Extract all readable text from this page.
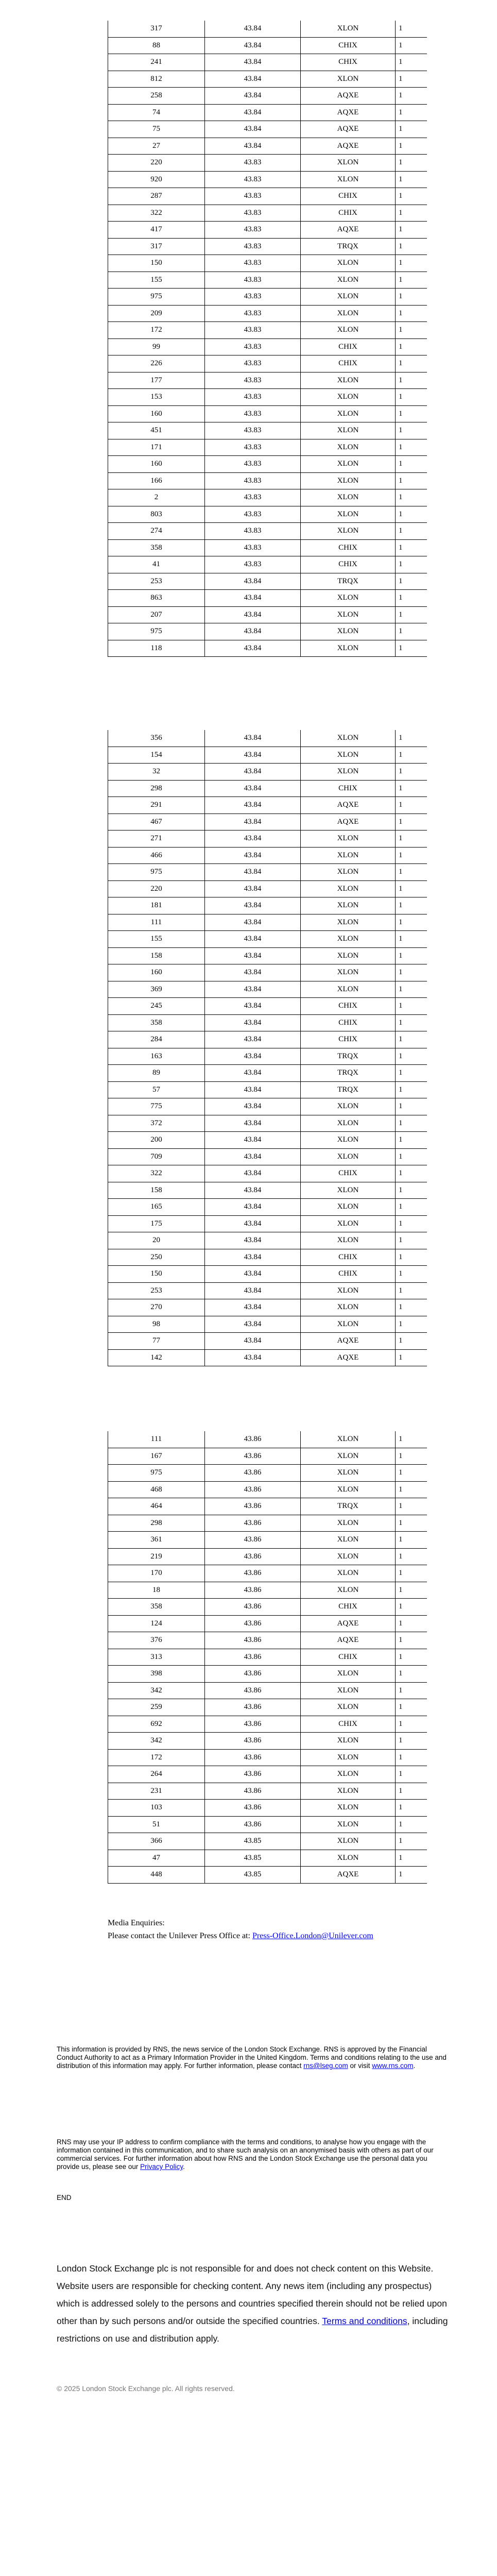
317	43.84	XLON	1
88	43.84	CHIX	1
241	43.84	CHIX	1
812	43.84	XLON	1
258	43.84	AQXE	1
74	43.84	AQXE	1
75	43.84	AQXE	1
27	43.84	AQXE	1
220	43.83	XLON	1
920	43.83	XLON	1
287	43.83	CHIX	1
322	43.83	CHIX	1
417	43.83	AQXE	1
317	43.83	TRQX	1
150	43.83	XLON	1
155	43.83	XLON	1
975	43.83	XLON	1
209	43.83	XLON	1
172	43.83	XLON	1
99	43.83	CHIX	1
226	43.83	CHIX	1
177	43.83	XLON	1
153	43.83	XLON	1
160	43.83	XLON	1
451	43.83	XLON	1
171	43.83	XLON	1
160	43.83	XLON	1
166	43.83	XLON	1
2	43.83	XLON	1
803	43.83	XLON	1
274	43.83	XLON	1
358	43.83	CHIX	1
41	43.83	CHIX	1
253	43.84	TRQX	1
863	43.84	XLON	1
207	43.84	XLON	1
975	43.84	XLON	1
118	43.84	XLON	1
356	43.84	XLON	1
154	43.84	XLON	1
32	43.84	XLON	1
298	43.84	CHIX	1
291	43.84	AQXE	1
467	43.84	AQXE	1
271	43.84	XLON	1
466	43.84	XLON	1
975	43.84	XLON	1
220	43.84	XLON	1
181	43.84	XLON	1
111	43.84	XLON	1
155	43.84	XLON	1
158	43.84	XLON	1
160	43.84	XLON	1
369	43.84	XLON	1
245	43.84	CHIX	1
358	43.84	CHIX	1
284	43.84	CHIX	1
163	43.84	TRQX	1
89	43.84	TRQX	1
57	43.84	TRQX	1
775	43.84	XLON	1
372	43.84	XLON	1
200	43.84	XLON	1
709	43.84	XLON	1
322	43.84	CHIX	1
158	43.84	XLON	1
165	43.84	XLON	1
175	43.84	XLON	1
20	43.84	XLON	1
250	43.84	CHIX	1
150	43.84	CHIX	1
253	43.84	XLON	1
270	43.84	XLON	1
98	43.84	XLON	1
77	43.84	AQXE	1
142	43.84	AQXE	1
111	43.86	XLON	1
167	43.86	XLON	1
975	43.86	XLON	1
468	43.86	XLON	1
464	43.86	TRQX	1
298	43.86	XLON	1
361	43.86	XLON	1
219	43.86	XLON	1
170	43.86	XLON	1
18	43.86	XLON	1
358	43.86	CHIX	1
124	43.86	AQXE	1
376	43.86	AQXE	1
313	43.86	CHIX	1
398	43.86	XLON	1
342	43.86	XLON	1
259	43.86	XLON	1
692	43.86	CHIX	1
342	43.86	XLON	1
172	43.86	XLON	1
264	43.86	XLON	1
231	43.86	XLON	1
103	43.86	XLON	1
51	43.86	XLON	1
366	43.85	XLON	1
47	43.85	XLON	1
448	43.85	AQXE	1
Media Enquiries:
Please contact the Unilever Press Office at: Press-Office.London@Unilever.com
This information is provided by RNS, the news service of the London Stock Exchange. RNS is approved by the Financial Conduct Authority to act as a Primary Information Provider in the United Kingdom. Terms and conditions relating to the use and distribution of this information may apply. For further information, please contact rns@lseg.com or visit www.rns.com.
RNS may use your IP address to confirm compliance with the terms and conditions, to analyse how you engage with the information contained in this communication, and to share such analysis on an anonymised basis with others as part of our commercial services. For further information about how RNS and the London Stock Exchange use the personal data you provide us, please see our Privacy Policy.
END
London Stock Exchange plc is not responsible for and does not check content on this Website. Website users are responsible for checking content. Any news item (including any prospectus) which is addressed solely to the persons and countries specified therein should not be relied upon other than by such persons and/or outside the specified countries. Terms and conditions, including restrictions on use and distribution apply.
© 2025 London Stock Exchange plc. All rights reserved.
